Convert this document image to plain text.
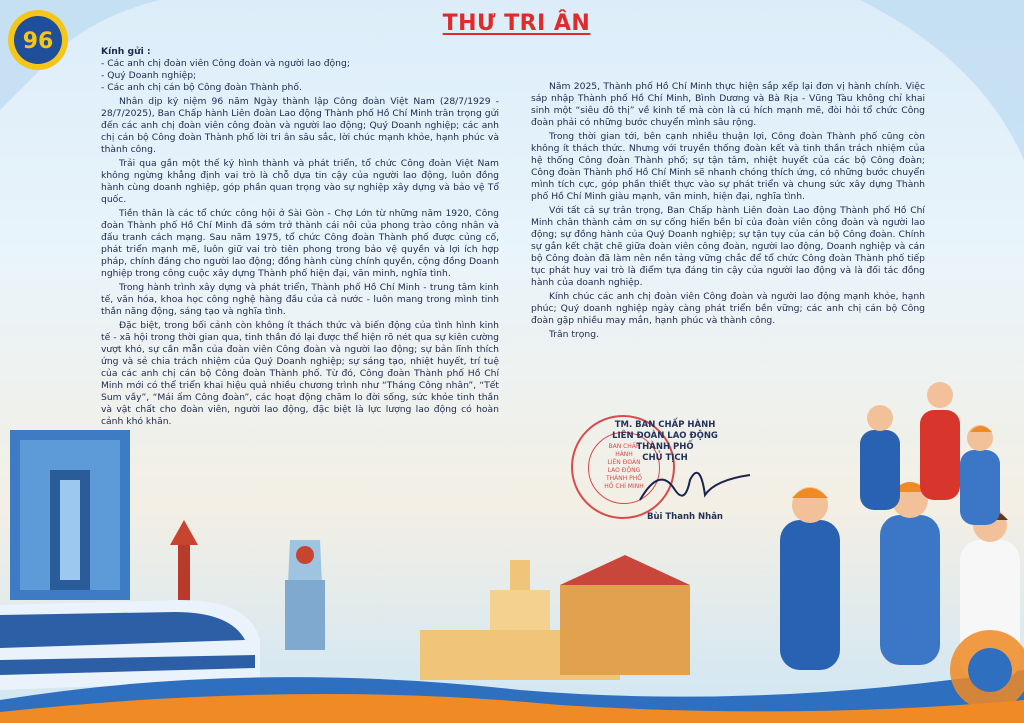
96
THƯ TRI ÂN

Kính gửi :

- Các anh chị đoàn viên Công đoàn và người lao động;

- Quý Doanh nghiệp;

- Các anh chị cán bộ Công đoàn Thành phố.

Nhân dịp kỷ niệm 96 năm Ngày thành lập Công đoàn Việt Nam (28/7/1929 - 28/7/2025), Ban Chấp hành Liên đoàn Lao động Thành phố Hồ Chí Minh trân trọng gửi đến các anh chị đoàn viên công đoàn và người lao động; Quý Doanh nghiệp; các anh chị cán bộ Công đoàn Thành phố lời tri ân sâu sắc, lời chúc mạnh khỏe, hạnh phúc và thành công.

Trải qua gần một thế kỷ hình thành và phát triển, tổ chức Công đoàn Việt Nam không ngừng khẳng định vai trò là chỗ dựa tin cậy của người lao động, luôn đồng hành cùng doanh nghiệp, góp phần quan trọng vào sự nghiệp xây dựng và bảo vệ Tổ quốc.

Tiền thân là các tổ chức công hội ở Sài Gòn - Chợ Lớn từ những năm 1920, Công đoàn Thành phố Hồ Chí Minh đã sớm trở thành cái nôi của phong trào công nhân và đấu tranh cách mạng. Sau năm 1975, tổ chức Công đoàn Thành phố được củng cố, phát triển mạnh mẽ, luôn giữ vai trò tiên phong trong bảo vệ quyền và lợi ích hợp pháp, chính đáng cho người lao động; đồng hành cùng chính quyền, cộng đồng Doanh nghiệp trong công cuộc xây dựng Thành phố hiện đại, văn minh, nghĩa tình.

Trong hành trình xây dựng và phát triển, Thành phố Hồ Chí Minh - trung tâm kinh tế, văn hóa, khoa học công nghệ hàng đầu của cả nước - luôn mang trong mình tinh thần năng động, sáng tạo và nghĩa tình.

Đặc biệt, trong bối cảnh còn không ít thách thức và biến động của tình hình kinh tế - xã hội trong thời gian qua, tinh thần đó lại được thể hiện rõ nét qua sự kiên cường vượt khó, sự cần mẫn của đoàn viên Công đoàn và người lao động; sự bản lĩnh thích ứng và sẻ chia trách nhiệm của Quý Doanh nghiệp; sự sáng tạo, nhiệt huyết, trí tuệ của các anh chị cán bộ Công đoàn Thành phố. Từ đó, Công đoàn Thành phố Hồ Chí Minh mới có thể triển khai hiệu quả nhiều chương trình như “Tháng Công nhân”, “Tết Sum vầy”, “Mái ấm Công đoàn”, các hoạt động chăm lo đời sống, sức khỏe tinh thần và vật chất cho đoàn viên, người lao động, đặc biệt là lực lượng lao động có hoàn cảnh khó khăn.

Năm 2025, Thành phố Hồ Chí Minh thực hiện sắp xếp lại đơn vị hành chính. Việc sáp nhập Thành phố Hồ Chí Minh, Bình Dương và Bà Rịa - Vũng Tàu không chỉ khai sinh một “siêu đô thị” về kinh tế mà còn là cú hích mạnh mẽ, đòi hỏi tổ chức Công đoàn phải có những bước chuyển mình sâu rộng.

Trong thời gian tới, bên cạnh nhiều thuận lợi, Công đoàn Thành phố cũng còn không ít thách thức. Nhưng với truyền thống đoàn kết và tinh thần trách nhiệm của hệ thống Công đoàn Thành phố; sự tận tâm, nhiệt huyết của các bộ Công đoàn; Công đoàn Thành phố Hồ Chí Minh sẽ nhanh chóng thích ứng, có những bước chuyển mình tích cực, góp phần thiết thực vào sự phát triển và chung sức xây dựng Thành phố Hồ Chí Minh giàu mạnh, văn minh, hiện đại, nghĩa tình.

Với tất cả sự trân trọng, Ban Chấp hành Liên đoàn Lao động Thành phố Hồ Chí Minh chân thành cảm ơn sự cống hiến bền bỉ của đoàn viên công đoàn và người lao động; sự đồng hành của Quý Doanh nghiệp; sự tận tụy của cán bộ Công đoàn. Chính sự gắn kết chặt chẽ giữa đoàn viên công đoàn, người lao động, Doanh nghiệp và cán bộ Công đoàn đã làm nên nền tảng vững chắc để tổ chức Công đoàn Thành phố tiếp tục phát huy vai trò là điểm tựa đáng tin cậy của người lao động và là đối tác đồng hành của doanh nghiệp.

Kính chúc các anh chị đoàn viên Công đoàn và người lao động mạnh khỏe, hạnh phúc; Quý doanh nghiệp ngày càng phát triển bền vững; các anh chị cán bộ Công đoàn gặp nhiều may mắn, hạnh phúc và thành công.

Trân trọng.

BAN CHẤP HÀNH
LIÊN ĐOÀN
LAO ĐỘNG
THÀNH PHỐ
HỒ CHÍ MINH
TM. BAN CHẤP HÀNH
LIÊN ĐOÀN LAO ĐỘNG THÀNH PHỐ
CHỦ TỊCH
Bùi Thanh Nhân
